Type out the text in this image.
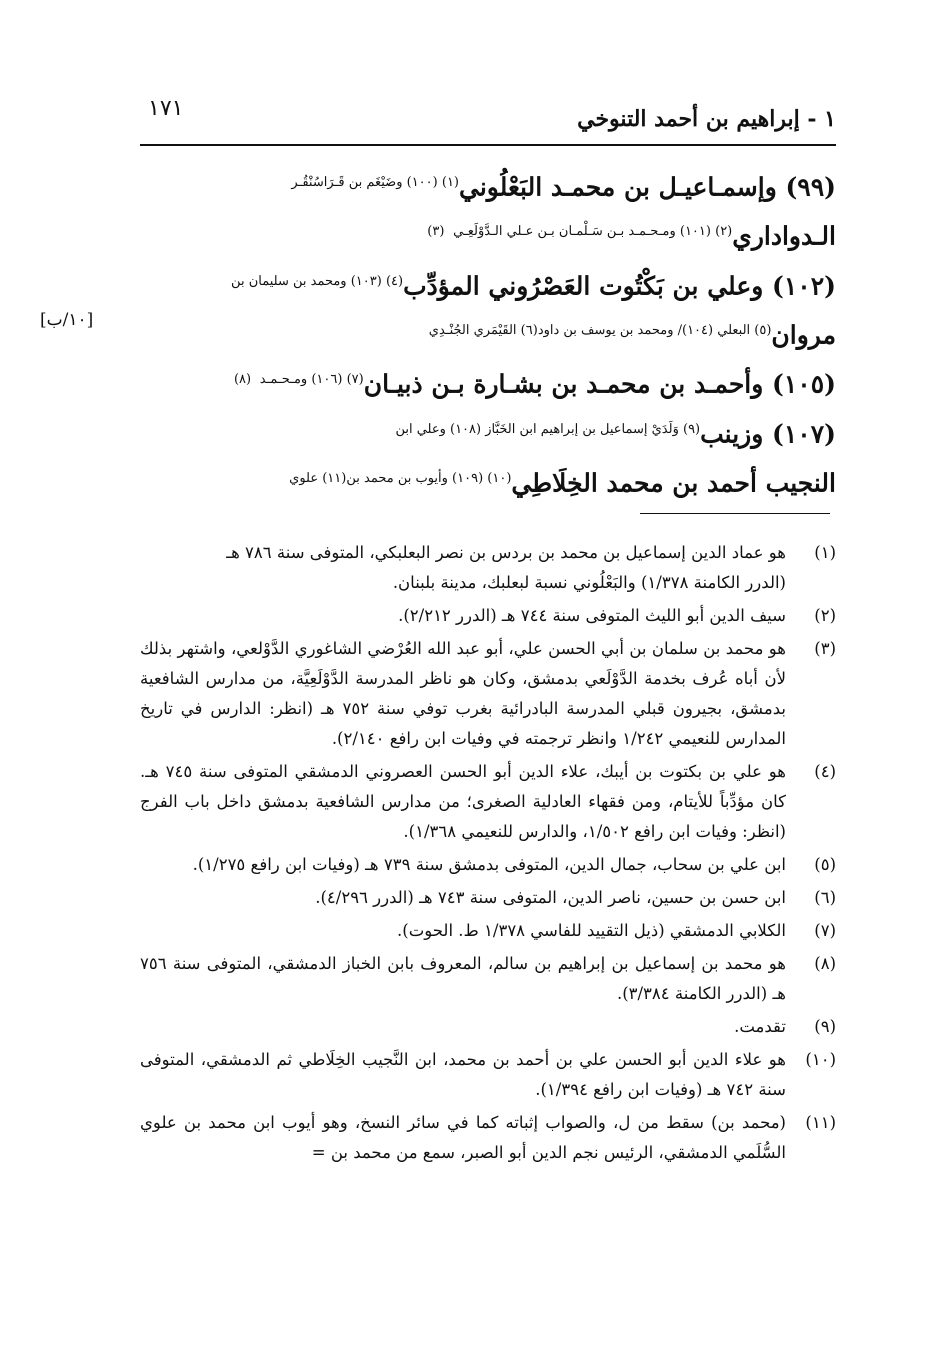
١ - إبراهيم بن أحمد التنوخي
١٧١
[١٠/ب]

(٩٩) وإسمـاعيـل بن محمـد البَعْلُوني$^{(١) (١٠٠) وضَيْغَم بن قَـرَاسُنْقُـر}$

الـدواداري$^{(٢) (١٠١) ومـحـمـد بـن سَـلْمـان بـن عـلي الـدَّوْلَعِـي}$ $^{(٣)}$

(١٠٢) وعلي بن بَكْتُوت العَصْرُوني المؤدِّب$^{(٤) (١٠٣) ومحمد بن سليمان بن}$

مروان$^{(٥) البعلي (١٠٤)/ ومحمد بن يوسف بن داود(٦) القَيْمَري الجُنْـدِي}$

(١٠٥) وأحمـد بن محمـد بن بشـارة بـن ذبيـان$^{(٧) (١٠٦) ومـحـمـد}$ $^{(٨)}$

(١٠٧) وزينب$^{(٩) وَلَدَيْ إسماعيل بن إبراهيم ابن الخَبَّاز (١٠٨) وعلي ابن}$

النجيب أحمد بن محمد الخِلَاطِي$^{(١٠) (١٠٩) وأيوب بن محمد بن(١١) علوي}$

(١)
هو عماد الدين إسماعيل بن محمد بن بردس بن نصر البعلبكي، المتوفى سنة ٧٨٦ هـ
(الدرر الكامنة ١/٣٧٨) والبَعْلُوني نسبة لبعلبك، مدينة بلبنان.
(٢)
سيف الدين أبو الليث المتوفى سنة ٧٤٤ هـ (الدرر ٢/٢١٢).
(٣)
هو محمد بن سلمان بن أبي الحسن علي، أبو عبد الله العُرْضي الشاغوري الدَّوْلعي، واشتهر بذلك لأن أباه عُرف بخدمة الدَّوْلَعي بدمشق، وكان هو ناظر المدرسة الدَّوْلَعِيَّة، من مدارس الشافعية بدمشق، بجيرون قبلي المدرسة البادرائية بغرب توفي سنة ٧٥٢ هـ (انظر: الدارس في تاريخ المدارس للنعيمي ١/٢٤٢ وانظر ترجمته في وفيات ابن رافع ٢/١٤٠).
(٤)
هو علي بن بكتوت بن أيبك، علاء الدين أبو الحسن العصروني الدمشقي المتوفى سنة ٧٤٥ هـ. كان مؤدِّباً للأيتام، ومن فقهاء العادلية الصغرى؛ من مدارس الشافعية بدمشق داخل باب الفرج (انظر: وفيات ابن رافع ١/٥٠٢، والدارس للنعيمي ١/٣٦٨).
(٥)
ابن علي بن سحاب، جمال الدين، المتوفى بدمشق سنة ٧٣٩ هـ (وفيات ابن رافع ١/٢٧٥).
(٦)
ابن حسن بن حسين، ناصر الدين، المتوفى سنة ٧٤٣ هـ (الدرر ٤/٢٩٦).
(٧)
الكلابي الدمشقي (ذيل التقييد للفاسي ١/٣٧٨ ط. الحوت).
(٨)
هو محمد بن إسماعيل بن إبراهيم بن سالم، المعروف بابن الخباز الدمشقي، المتوفى سنة ٧٥٦ هـ (الدرر الكامنة ٣/٣٨٤).
(٩)
تقدمت.
(١٠)
هو علاء الدين أبو الحسن علي بن أحمد بن محمد، ابن النَّجيب الخِلَاطي ثم الدمشقي، المتوفى سنة ٧٤٢ هـ (وفيات ابن رافع ١/٣٩٤).
(١١)
(محمد بن) سقط من ل، والصواب إثباته كما في سائر النسخ، وهو أيوب ابن محمد بن علوي السُّلَمي الدمشقي، الرئيس نجم الدين أبو الصبر، سمع من محمد بن =
